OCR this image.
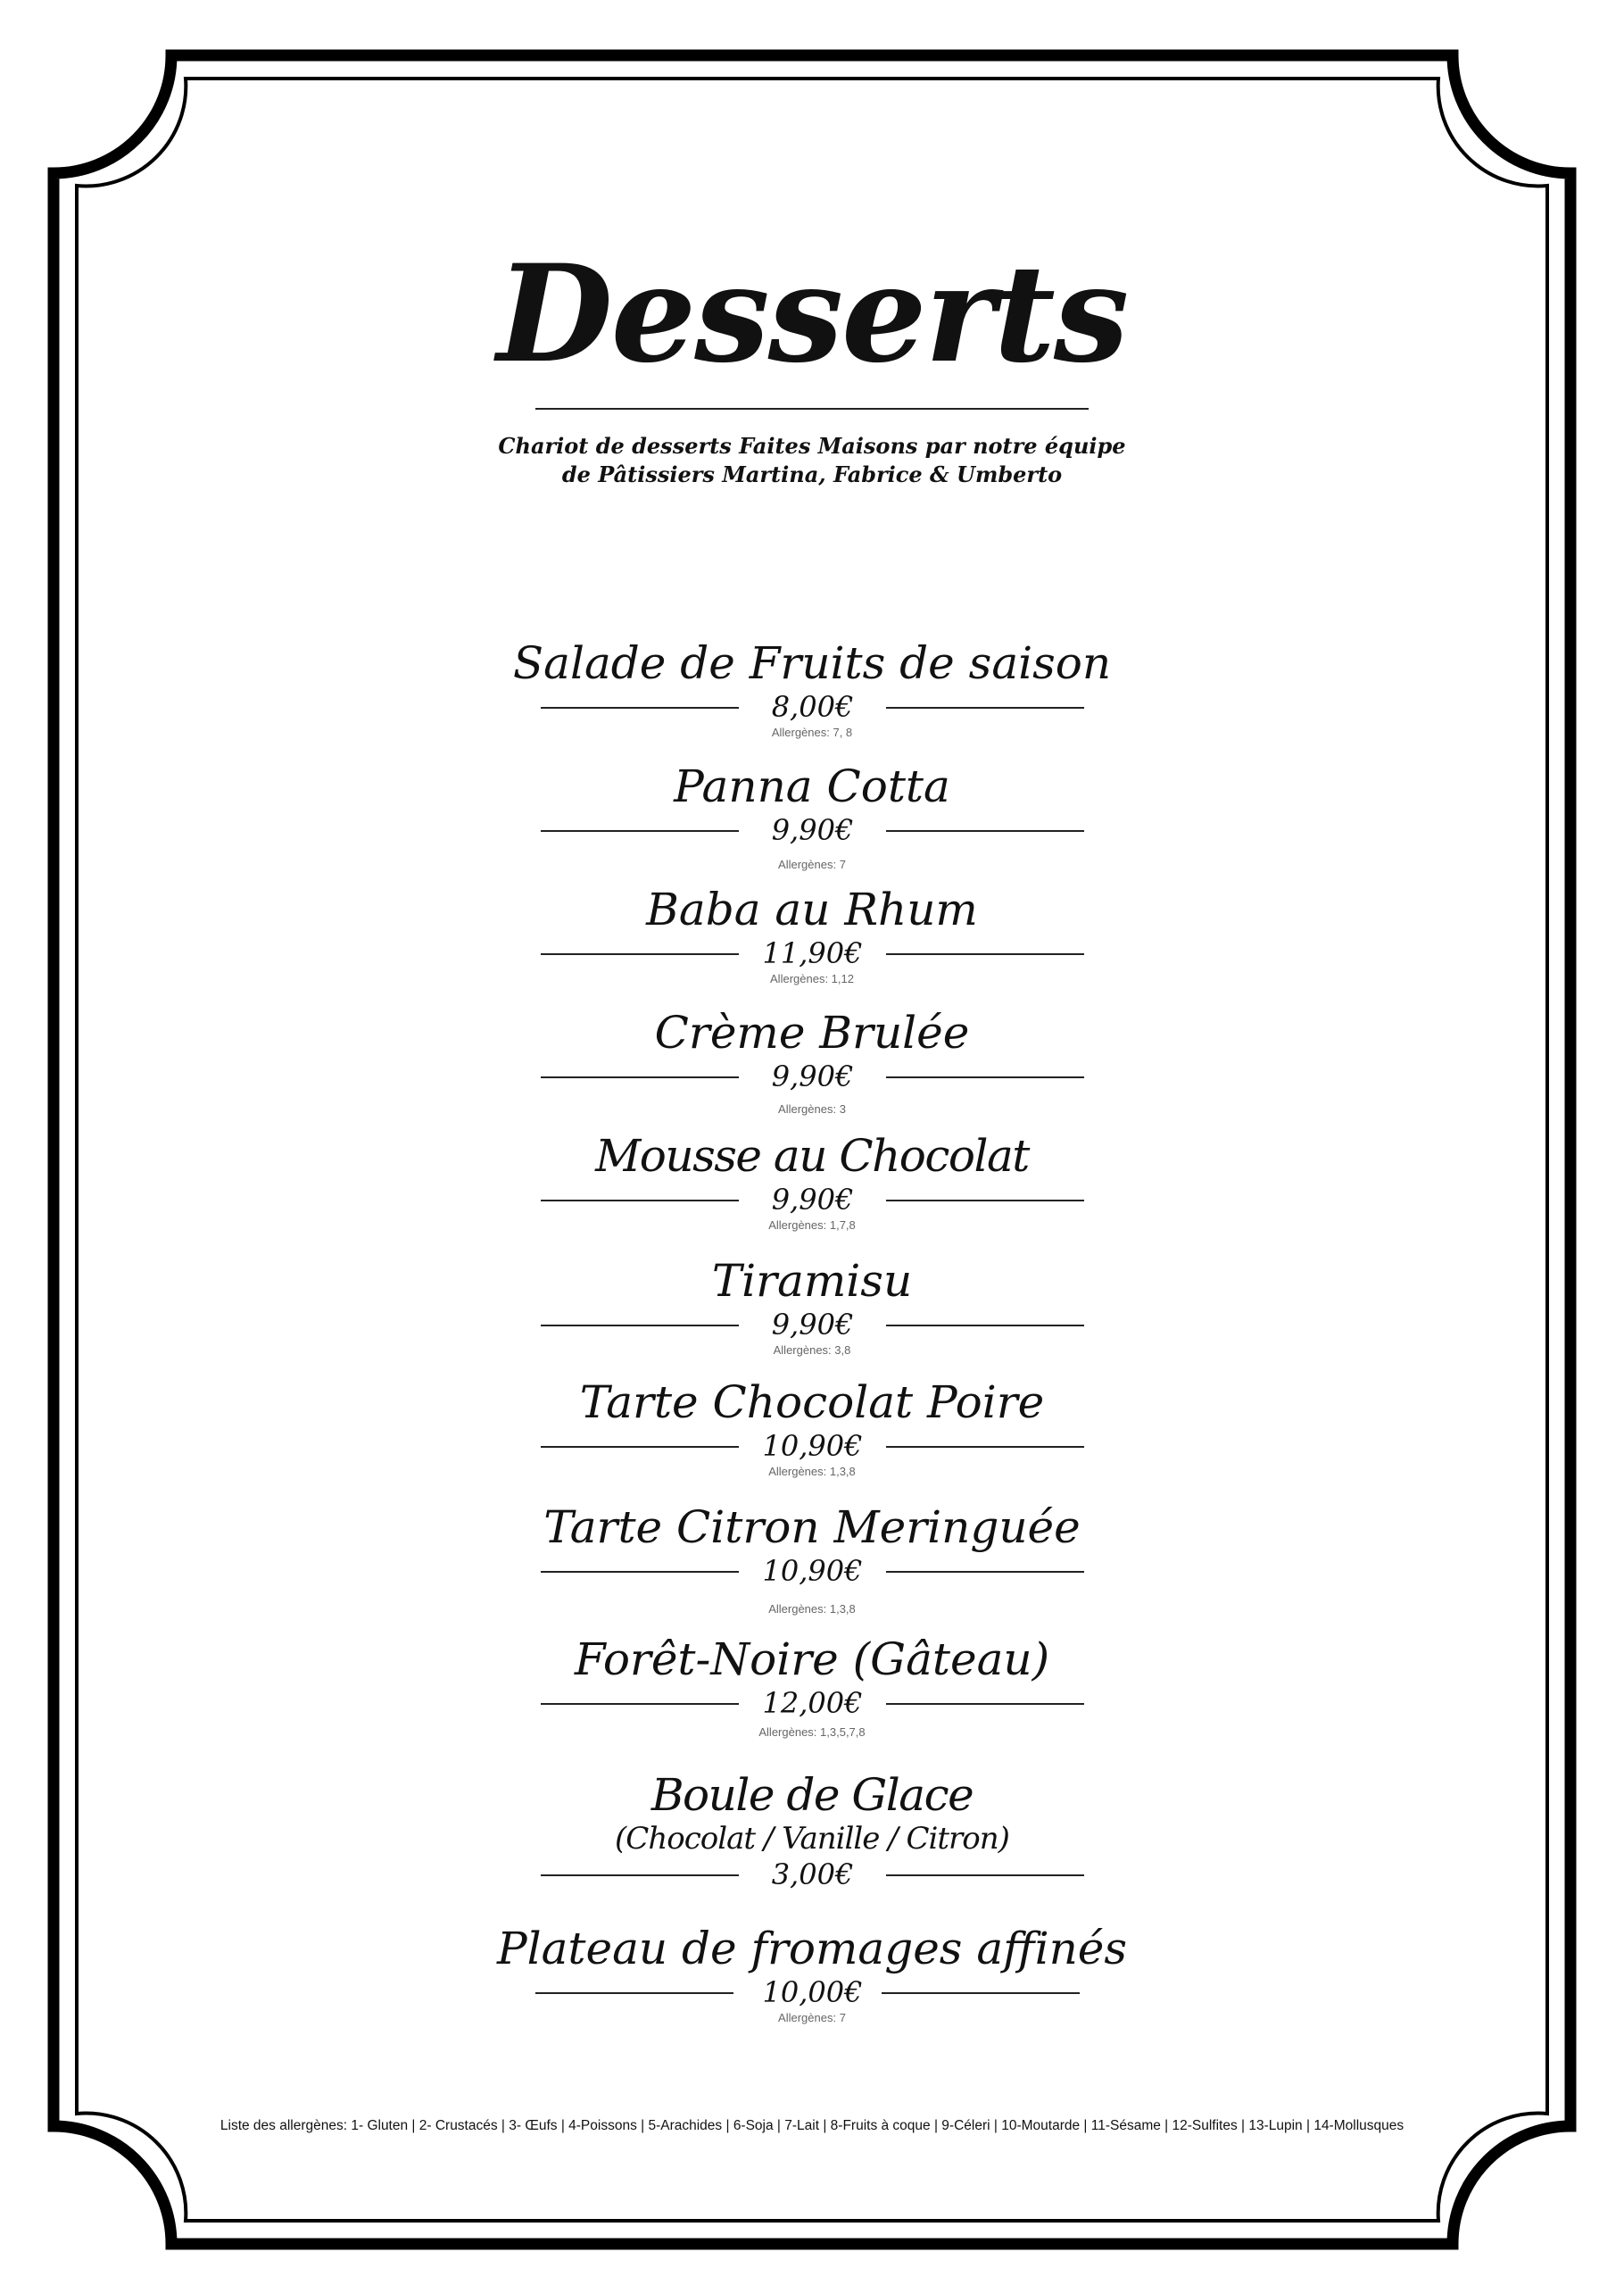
Desserts
Chariot de desserts Faites Maisons par notre équipe
de Pâtissiers Martina, Fabrice & Umberto
Salade de Fruits de saison
8,00€
Allergènes: 7, 8
Panna Cotta
9,90€
Allergènes: 7
Baba au Rhum
11,90€
Allergènes: 1,12
Crème Brulée
9,90€
Allergènes: 3
Mousse au Chocolat
9,90€
Allergènes: 1,7,8
Tiramisu
9,90€
Allergènes: 3,8
Tarte Chocolat Poire
10,90€
Allergènes: 1,3,8
Tarte Citron Meringuée
10,90€
Allergènes: 1,3,8
Forêt-Noire (Gâteau)
12,00€
Allergènes: 1,3,5,7,8
Boule de Glace
(Chocolat / Vanille / Citron)
3,00€
Plateau de fromages affinés
10,00€
Allergènes: 7
Liste des allergènes: 1- Gluten | 2- Crustacés | 3- Œufs | 4-Poissons | 5-Arachides | 6-Soja | 7-Lait | 8-Fruits à coque | 9-Céleri | 10-Moutarde | 11-Sésame | 12-Sulfites | 13-Lupin | 14-Mollusques
